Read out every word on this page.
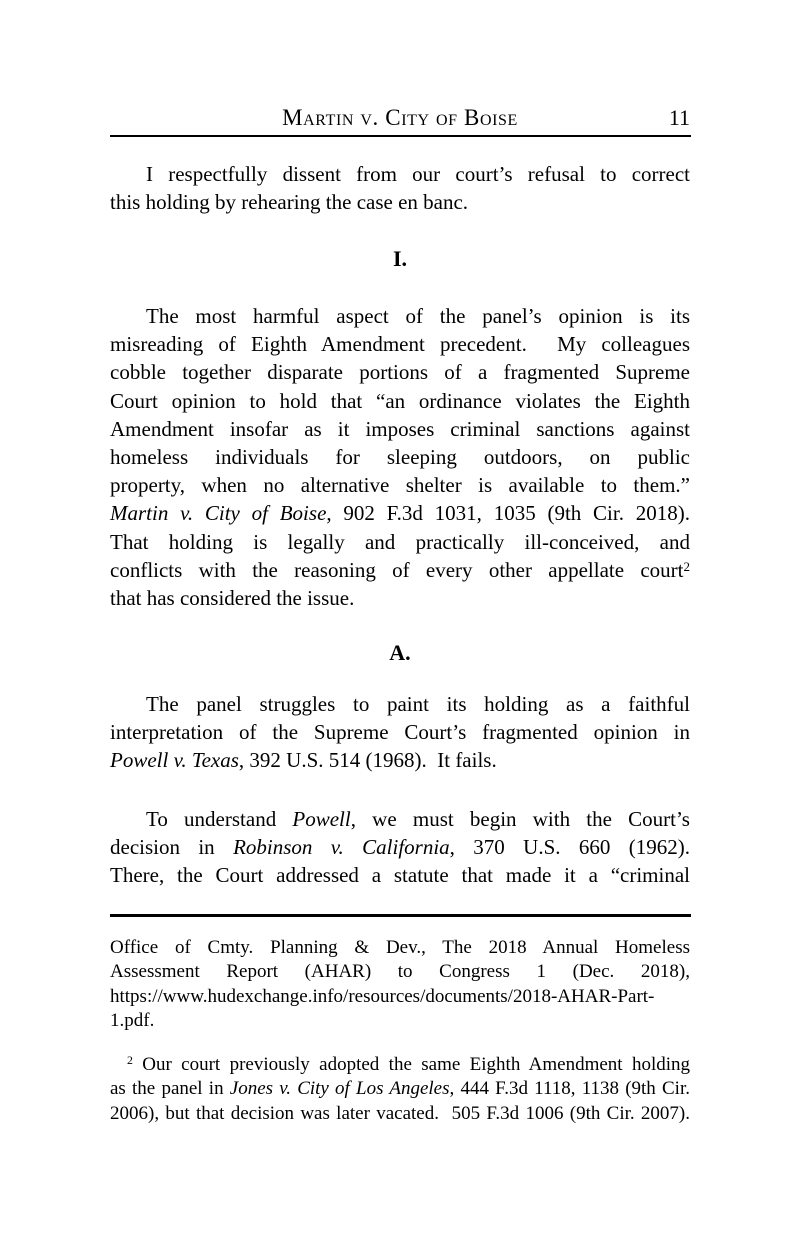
Martin v. City of Boise	11
I respectfully dissent from our court’s refusal to correct
this holding by rehearing the case en banc.
I.
The most harmful aspect of the panel’s opinion is its
misreading of Eighth Amendment precedent.  My colleagues
cobble together disparate portions of a fragmented Supreme
Court opinion to hold that “an ordinance violates the Eighth
Amendment insofar as it imposes criminal sanctions against
homeless individuals for sleeping outdoors, on public
property, when no alternative shelter is available to them.”
Martin v. City of Boise, 902 F.3d 1031, 1035 (9th Cir. 2018).
That holding is legally and practically ill-conceived, and
conflicts with the reasoning of every other appellate court$^2$
that has considered the issue.
A.
The panel struggles to paint its holding as a faithful
interpretation of the Supreme Court’s fragmented opinion in
Powell v. Texas, 392 U.S. 514 (1968).  It fails.
To understand Powell, we must begin with the Court’s
decision in Robinson v. California, 370 U.S. 660 (1962).
There, the Court addressed a statute that made it a “criminal
Office of Cmty. Planning & Dev., The 2018 Annual Homeless
Assessment Report (AHAR) to Congress 1 (Dec. 2018),
https://www.hudexchange.info/resources/documents/2018-AHAR-Part-
1.pdf.
$^2$ Our court previously adopted the same Eighth Amendment holding
as the panel in Jones v. City of Los Angeles, 444 F.3d 1118, 1138 (9th Cir.
2006), but that decision was later vacated.  505 F.3d 1006 (9th Cir. 2007).
